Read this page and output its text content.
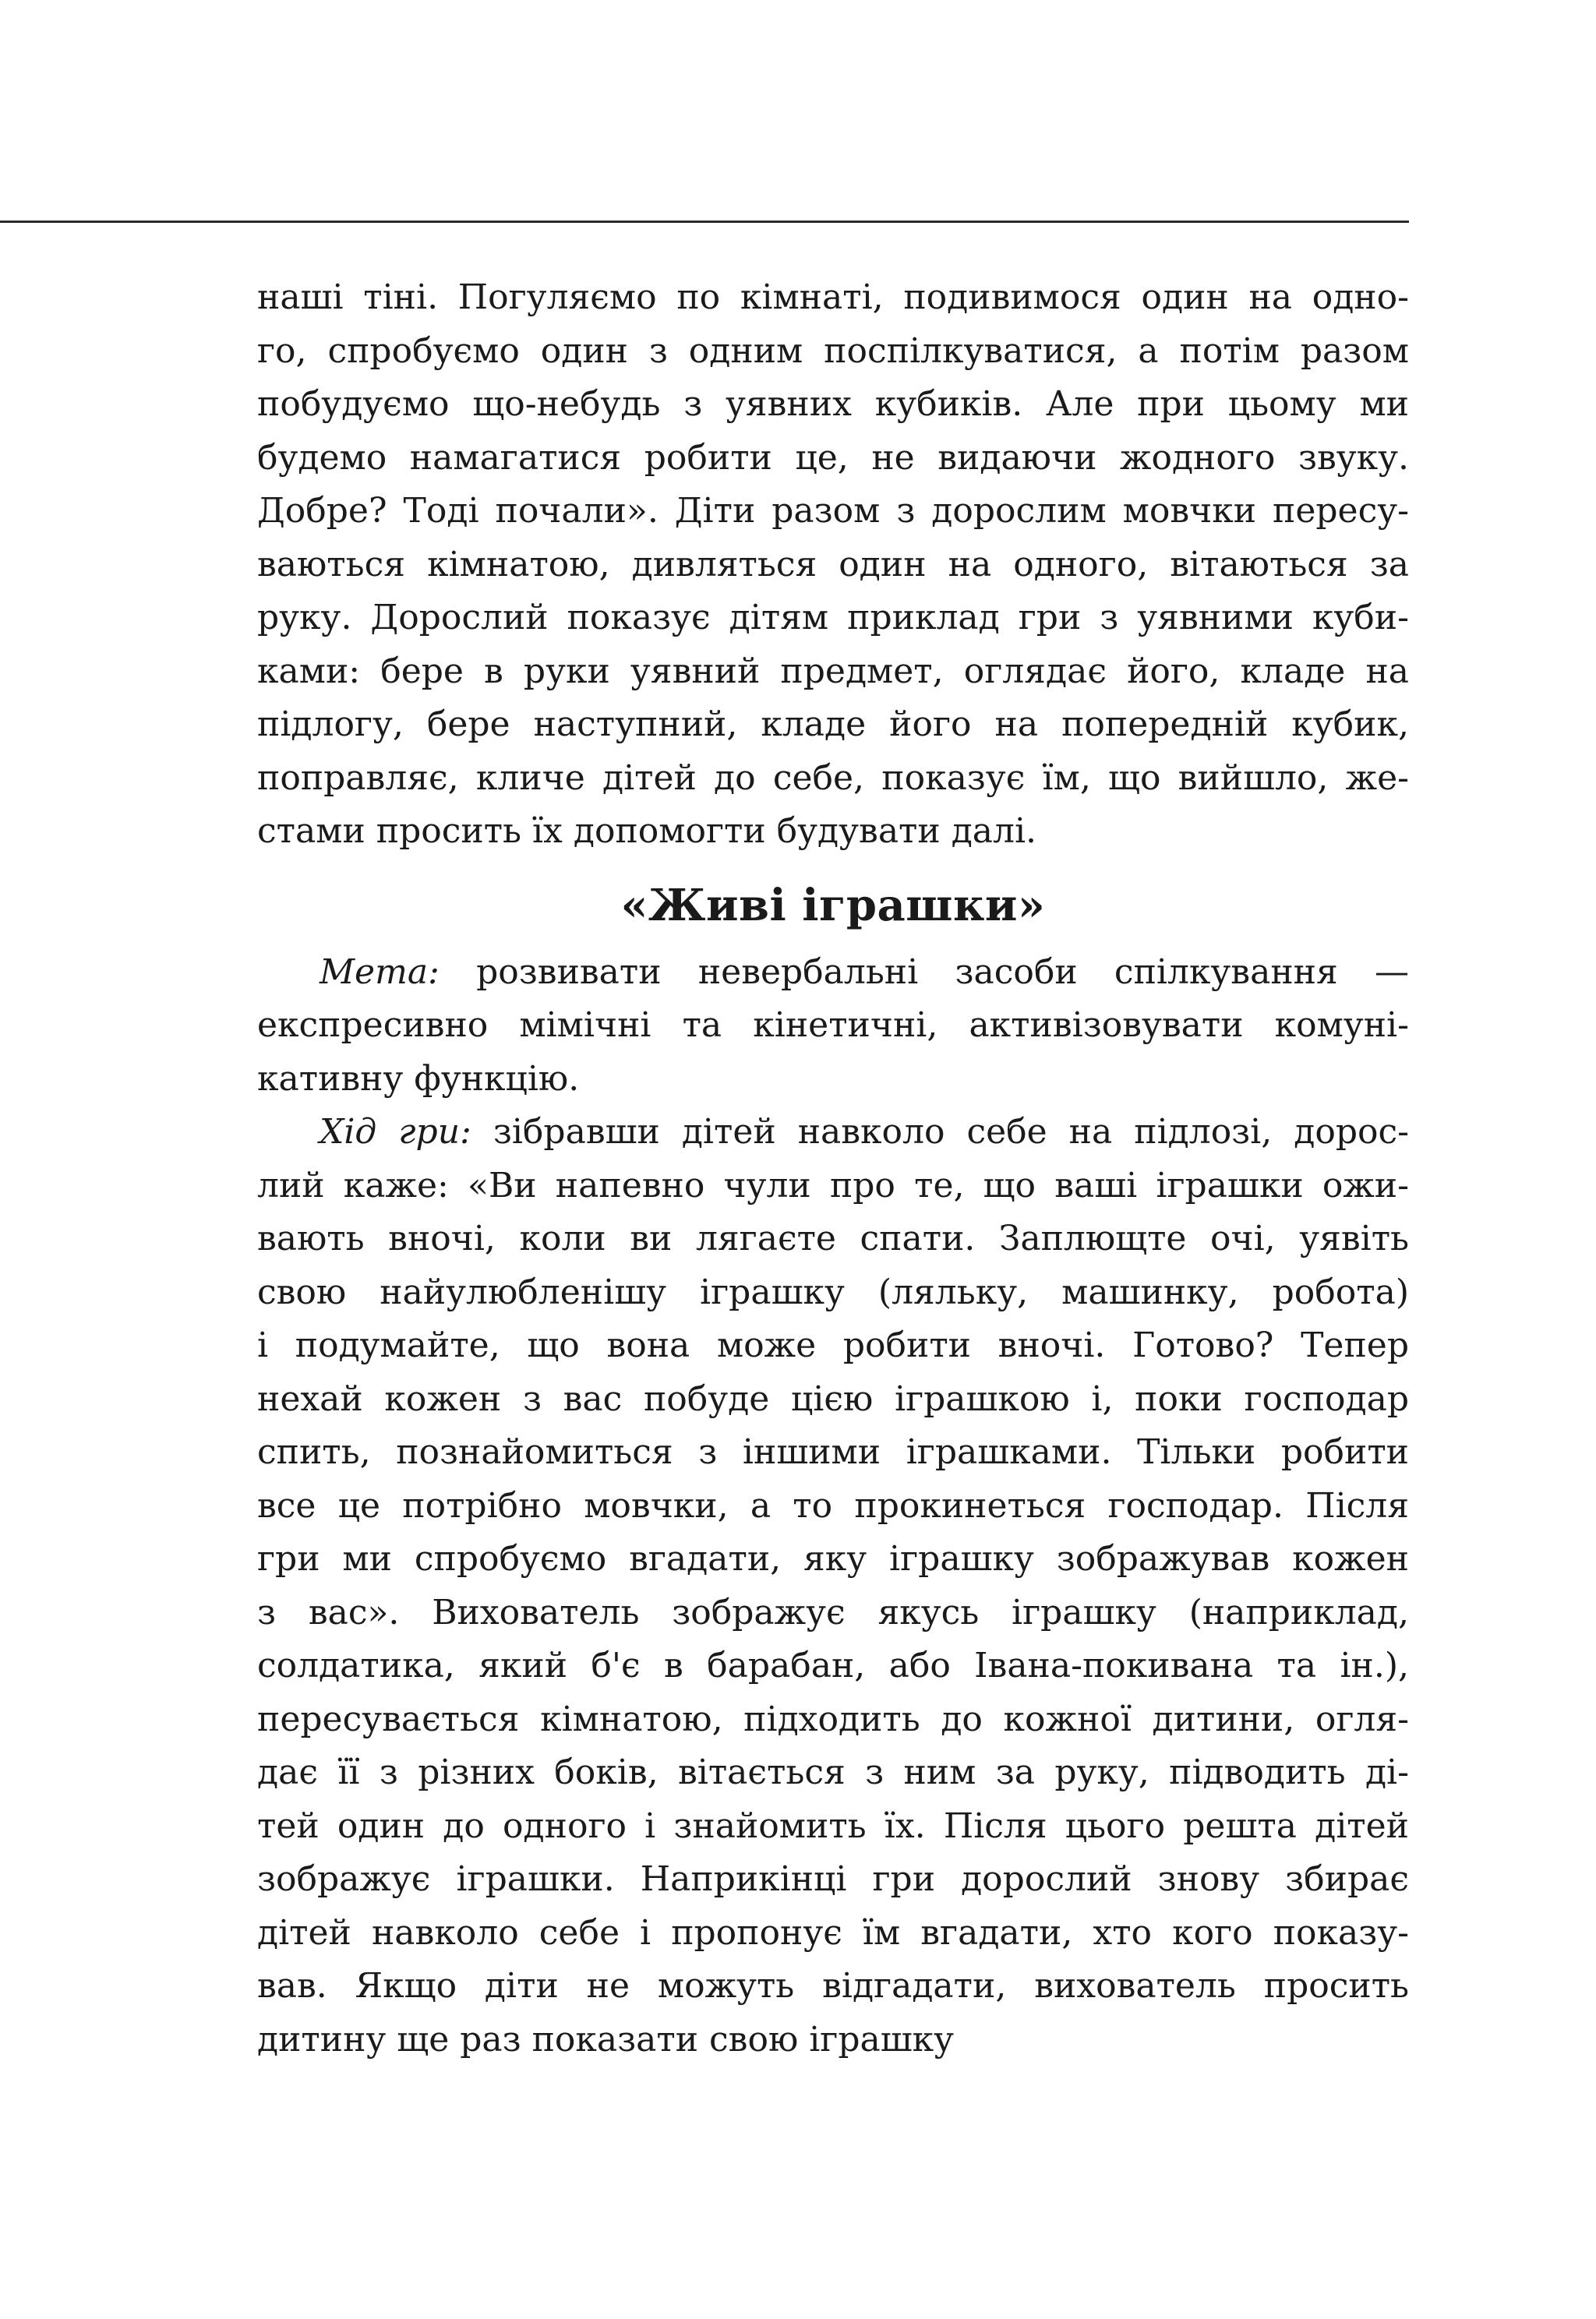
наші тіні. Погуляємо по кімнаті, подивимося один на одно-
го, спробуємо один з одним поспілкуватися, а потім разом
побудуємо що-небудь з уявних кубиків. Але при цьому ми
будемо намагатися робити це, не видаючи жодного звуку.
Добре? Тоді почали». Діти разом з дорослим мовчки пересу-
ваються кімнатою, дивляться один на одного, вітаються за
руку. Дорослий показує дітям приклад гри з уявними куби-
ками: бере в руки уявний предмет, оглядає його, кладе на
підлогу, бере наступний, кладе його на попередній кубик,
поправляє, кличе дітей до себе, показує їм, що вийшло, же-
стами просить їх допомогти будувати далі.
«Живі іграшки»
Мета: розвивати невербальні засоби спілкування —
експресивно мімічні та кінетичні, активізовувати комуні-
кативну функцію.
Хід гри: зібравши дітей навколо себе на підлозі, дорос-
лий каже: «Ви напевно чули про те, що ваші іграшки ожи-
вають вночі, коли ви лягаєте спати. Заплющте очі, уявіть
свою найулюбленішу іграшку (ляльку, машинку, робота)
і подумайте, що вона може робити вночі. Готово? Тепер
нехай кожен з вас побуде цією іграшкою і, поки господар
спить, познайомиться з іншими іграшками. Тільки робити
все це потрібно мовчки, а то прокинеться господар. Після
гри ми спробуємо вгадати, яку іграшку зображував кожен
з вас». Вихователь зображує якусь іграшку (наприклад,
солдатика, який б'є в барабан, або Івана-покивана та ін.),
пересувається кімнатою, підходить до кожної дитини, огля-
дає її з різних боків, вітається з ним за руку, підводить ді-
тей один до одного і знайомить їх. Після цього решта дітей
зображує іграшки. Наприкінці гри дорослий знову збирає
дітей навколо себе і пропонує їм вгадати, хто кого показу-
вав. Якщо діти не можуть відгадати, вихователь просить
дитину ще раз показати свою іграшку
